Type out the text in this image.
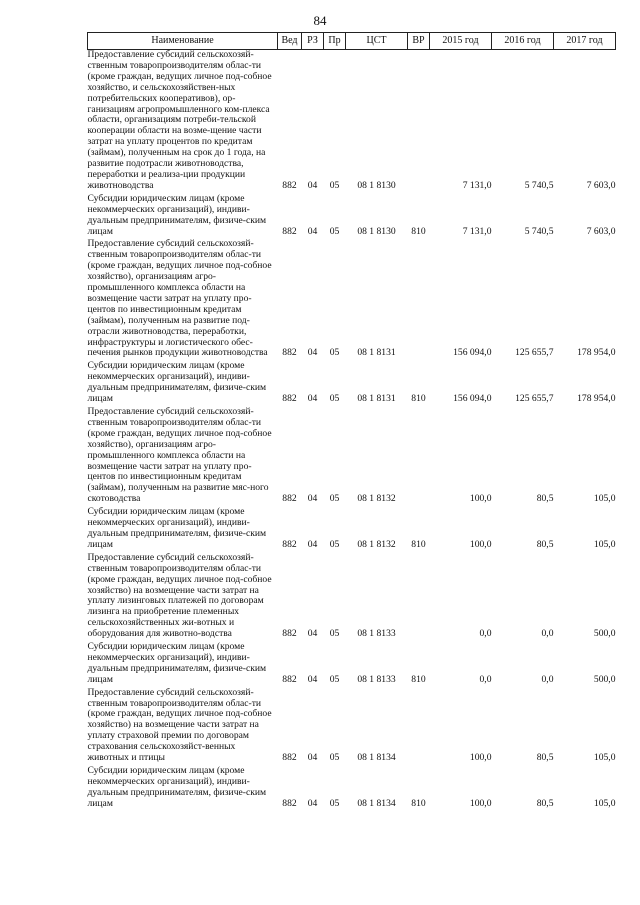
84
Наименование	Вед	РЗ	Пр	ЦСТ	ВР	2015 год	2016 год	2017 год
Предоставление субсидий сельскохозяй-ственным товаропроизводителям облас-ти (кроме граждан, ведущих личное под-собное хозяйство, и сельскохозяйствен-ных потребительских кооперативов), ор-ганизациям агропромышленного ком-плекса области, организациям потреби-тельской кооперации области на возме-щение части затрат на уплату процентов по кредитам (займам), полученным на срок до 1 года, на развитие подотрасли животноводства, переработки и реализа-ции продукции животноводства	882	04	05	08 1 8130		7 131,0	5 740,5	7 603,0
Субсидии юридическим лицам (кроме некоммерческих организаций), индиви-дуальным предпринимателям, физиче-ским лицам	882	04	05	08 1 8130	810	7 131,0	5 740,5	7 603,0
Предоставление субсидий сельскохозяй-ственным товаропроизводителям облас-ти (кроме граждан, ведущих личное под-собное хозяйство), организациям агро-промышленного комплекса области на возмещение части затрат на уплату про-центов по инвестиционным кредитам (займам), полученным на развитие под-отрасли животноводства, переработки, инфраструктуры и логистического обес-печения рынков продукции животноводства	882	04	05	08 1 8131		156 094,0	125 655,7	178 954,0
Субсидии юридическим лицам (кроме некоммерческих организаций), индиви-дуальным предпринимателям, физиче-ским лицам	882	04	05	08 1 8131	810	156 094,0	125 655,7	178 954,0
Предоставление субсидий сельскохозяй-ственным товаропроизводителям облас-ти (кроме граждан, ведущих личное под-собное хозяйство), организациям агро-промышленного комплекса области на возмещение части затрат на уплату про-центов по инвестиционным кредитам (займам), полученным на развитие мяс-ного скотоводства	882	04	05	08 1 8132		100,0	80,5	105,0
Субсидии юридическим лицам (кроме некоммерческих организаций), индиви-дуальным предпринимателям, физиче-ским лицам	882	04	05	08 1 8132	810	100,0	80,5	105,0
Предоставление субсидий сельскохозяй-ственным товаропроизводителям облас-ти (кроме граждан, ведущих личное под-собное хозяйство) на возмещение части затрат на уплату лизинговых платежей по договорам лизинга на приобретение племенных сельскохозяйственных жи-вотных и оборудования для животно-водства	882	04	05	08 1 8133		0,0	0,0	500,0
Субсидии юридическим лицам (кроме некоммерческих организаций), индиви-дуальным предпринимателям, физиче-ским лицам	882	04	05	08 1 8133	810	0,0	0,0	500,0
Предоставление субсидий сельскохозяй-ственным товаропроизводителям облас-ти (кроме граждан, ведущих личное под-собное хозяйство) на возмещение части затрат на уплату страховой премии по договорам страхования сельскохозяйст-венных животных и птицы	882	04	05	08 1 8134		100,0	80,5	105,0
Субсидии юридическим лицам (кроме некоммерческих организаций), индиви-дуальным предпринимателям, физиче-ским лицам	882	04	05	08 1 8134	810	100,0	80,5	105,0
